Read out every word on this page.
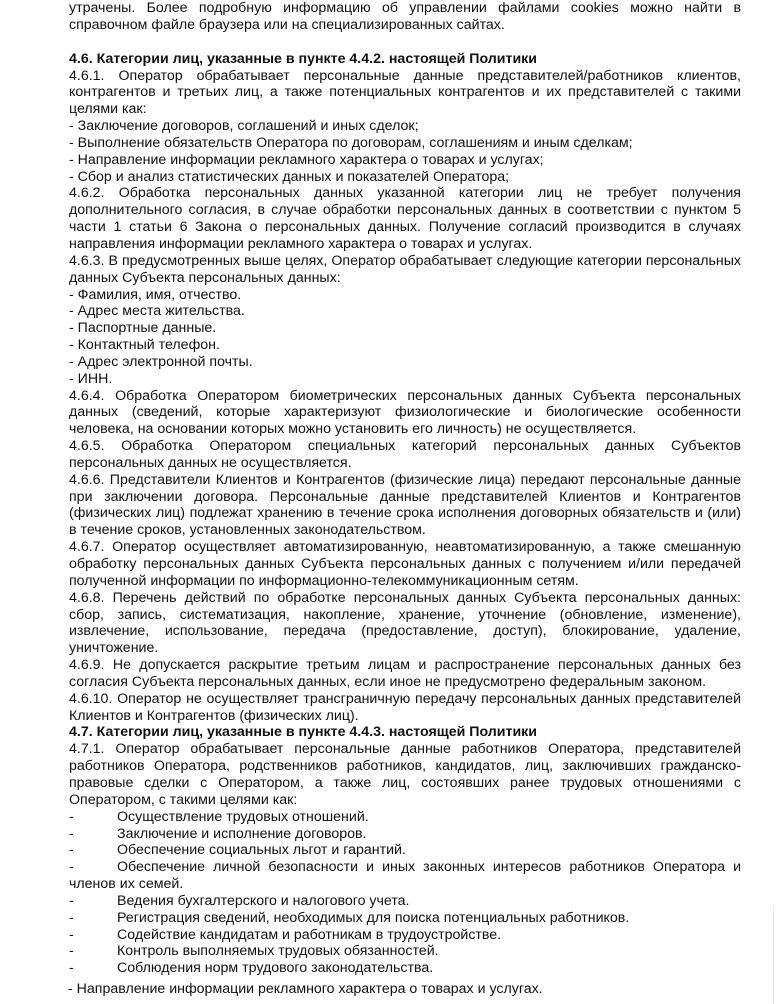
утрачены. Более подробную информацию об управлении файлами cookies можно найти в справочном файле браузера или на специализированных сайтах.

4.6. Категории лиц, указанные в пункте 4.4.2. настоящей Политики

4.6.1. Оператор обрабатывает персональные данные представителей/работников клиентов, контрагентов и третьих лиц, а также потенциальных контрагентов и их представителей с такими целями как:

- Заключение договоров, соглашений и иных сделок;

- Выполнение обязательств Оператора по договорам, соглашениям и иным сделкам;

- Направление информации рекламного характера о товарах и услугах;

- Сбор и анализ статистических данных и показателей Оператора;

4.6.2. Обработка персональных данных указанной категории лиц не требует получения дополнительного согласия, в случае обработки персональных данных в соответствии с пунктом 5 части 1 статьи 6 Закона о персональных данных. Получение согласий производится в случаях направления информации рекламного характера о товарах и услугах.

4.6.3. В предусмотренных выше целях, Оператор обрабатывает следующие категории персональных данных Субъекта персональных данных:

- Фамилия, имя, отчество.

- Адрес места жительства.

- Паспортные данные.

- Контактный телефон.

- Адрес электронной почты.

- ИНН.

4.6.4. Обработка Оператором биометрических персональных данных Субъекта персональных данных (сведений, которые характеризуют физиологические и биологические особенности человека, на основании которых можно установить его личность) не осуществляется.

4.6.5. Обработка Оператором специальных категорий персональных данных Субъектов персональных данных не осуществляется.

4.6.6. Представители Клиентов и Контрагентов (физические лица) передают персональные данные при заключении договора. Персональные данные представителей Клиентов и Контрагентов (физических лиц) подлежат хранению в течение срока исполнения договорных обязательств и (или) в течение сроков, установленных законодательством.

4.6.7. Оператор осуществляет автоматизированную, неавтоматизированную, а также смешанную обработку персональных данных Субъекта персональных данных с получением и/или передачей полученной информации по информационно-телекоммуникационным сетям.

4.6.8. Перечень действий по обработке персональных данных Субъекта персональных данных: сбор, запись, систематизация, накопление, хранение, уточнение (обновление, изменение), извлечение, использование, передача (предоставление, доступ), блокирование, удаление, уничтожение.

4.6.9. Не допускается раскрытие третьим лицам и распространение персональных данных без согласия Субъекта персональных данных, если иное не предусмотрено федеральным законом.

4.6.10. Оператор не осуществляет трансграничную передачу персональных данных представителей Клиентов и Контрагентов (физических лиц).

4.7. Категории лиц, указанные в пункте 4.4.3. настоящей Политики

4.7.1. Оператор обрабатывает персональные данные работников Оператора, представителей работников Оператора, родственников работников, кандидатов, лиц, заключивших гражданско-правовые сделки с Оператором, а также лиц, состоявших ранее трудовых отношениями с Оператором, с такими целями как:

-	Осуществление трудовых отношений.
-	Заключение и исполнение договоров.
-	Обеспечение социальных льгот и гарантий.

-	Обеспечение личной безопасности и иных законных интересов работников Оператора и членов их семей.

-	Ведения бухгалтерского и налогового учета.
-	Регистрация сведений, необходимых для поиска потенциальных работников.
-	Содействие кандидатам и работникам в трудоустройстве.
-	Контроль выполняемых трудовых обязанностей.
-	Соблюдения норм трудового законодательства.

- Направление информации рекламного характера о товарах и услугах.
